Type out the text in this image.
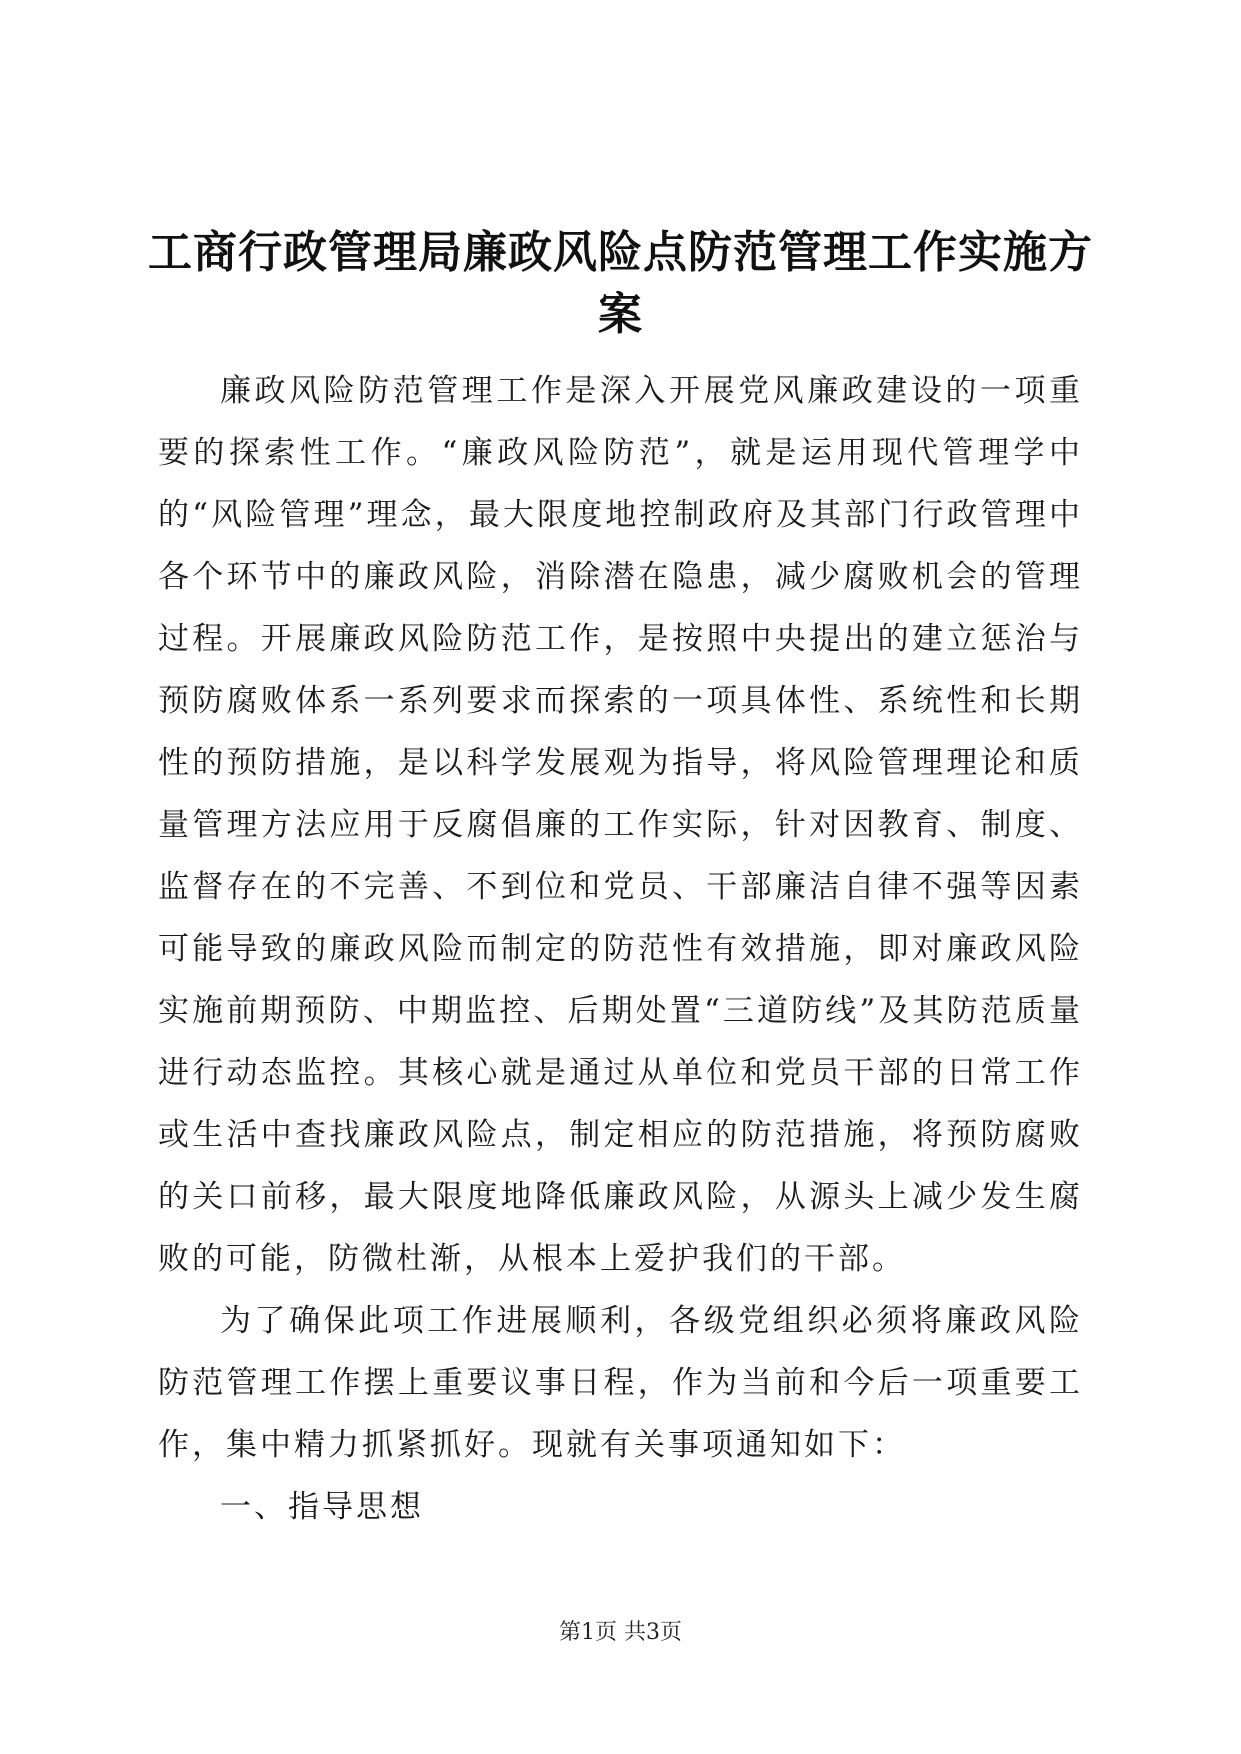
工商行政管理局廉政风险点防范管理工作实施方案

廉政风险防范管理工作是深入开展党风廉政建设的一项重要的探索性工作。“廉政风险防范”，就是运用现代管理学中的“风险管理”理念，最大限度地控制政府及其部门行政管理中各个环节中的廉政风险，消除潜在隐患，减少腐败机会的管理过程。开展廉政风险防范工作，是按照中央提出的建立惩治与预防腐败体系一系列要求而探索的一项具体性、系统性和长期性的预防措施，是以科学发展观为指导，将风险管理理论和质量管理方法应用于反腐倡廉的工作实际，针对因教育、制度、监督存在的不完善、不到位和党员、干部廉洁自律不强等因素可能导致的廉政风险而制定的防范性有效措施，即对廉政风险实施前期预防、中期监控、后期处置“三道防线”及其防范质量进行动态监控。其核心就是通过从单位和党员干部的日常工作或生活中查找廉政风险点，制定相应的防范措施，将预防腐败的关口前移，最大限度地降低廉政风险，从源头上减少发生腐败的可能，防微杜渐，从根本上爱护我们的干部。

为了确保此项工作进展顺利，各级党组织必须将廉政风险防范管理工作摆上重要议事日程，作为当前和今后一项重要工作，集中精力抓紧抓好。现就有关事项通知如下：

一、指导思想

第1页 共3页
